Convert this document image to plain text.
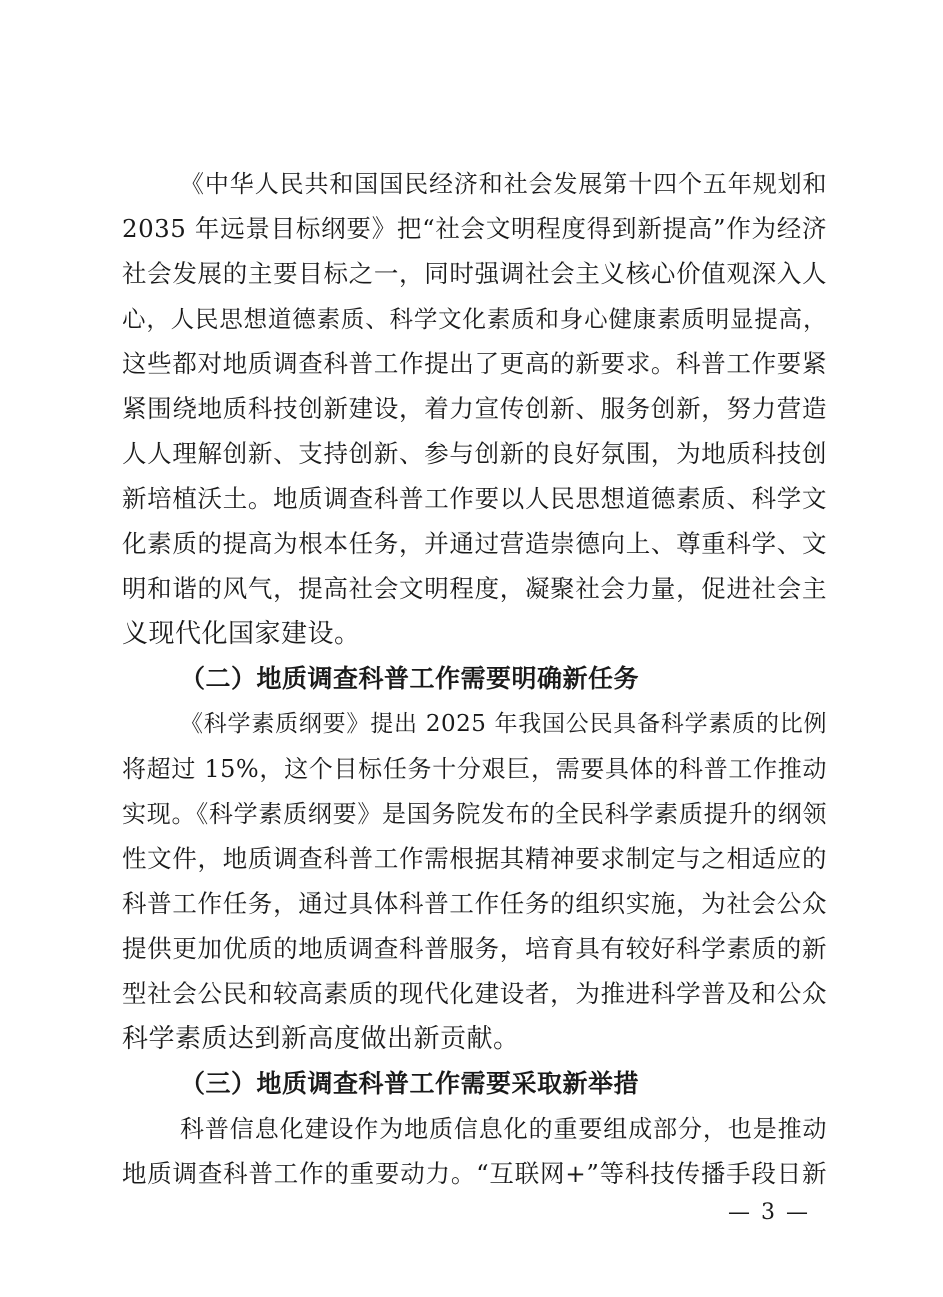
《中华人民共和国国民经济和社会发展第十四个五年规划和
2035 年远景目标纲要》把“社会文明程度得到新提高”作为经济
社会发展的主要目标之一，同时强调社会主义核心价值观深入人
心，人民思想道德素质、科学文化素质和身心健康素质明显提高，
这些都对地质调查科普工作提出了更高的新要求。科普工作要紧
紧围绕地质科技创新建设，着力宣传创新、服务创新，努力营造
人人理解创新、支持创新、参与创新的良好氛围，为地质科技创
新培植沃土。地质调查科普工作要以人民思想道德素质、科学文
化素质的提高为根本任务，并通过营造崇德向上、尊重科学、文
明和谐的风气，提高社会文明程度，凝聚社会力量，促进社会主
义现代化国家建设。
（二）地质调查科普工作需要明确新任务
《科学素质纲要》提出 2025 年我国公民具备科学素质的比例
将超过 15%，这个目标任务十分艰巨，需要具体的科普工作推动
实现。《科学素质纲要》是国务院发布的全民科学素质提升的纲领
性文件，地质调查科普工作需根据其精神要求制定与之相适应的
科普工作任务，通过具体科普工作任务的组织实施，为社会公众
提供更加优质的地质调查科普服务，培育具有较好科学素质的新
型社会公民和较高素质的现代化建设者，为推进科学普及和公众
科学素质达到新高度做出新贡献。
（三）地质调查科普工作需要采取新举措
科普信息化建设作为地质信息化的重要组成部分，也是推动
地质调查科普工作的重要动力。“互联网+”等科技传播手段日新
— 3 —
